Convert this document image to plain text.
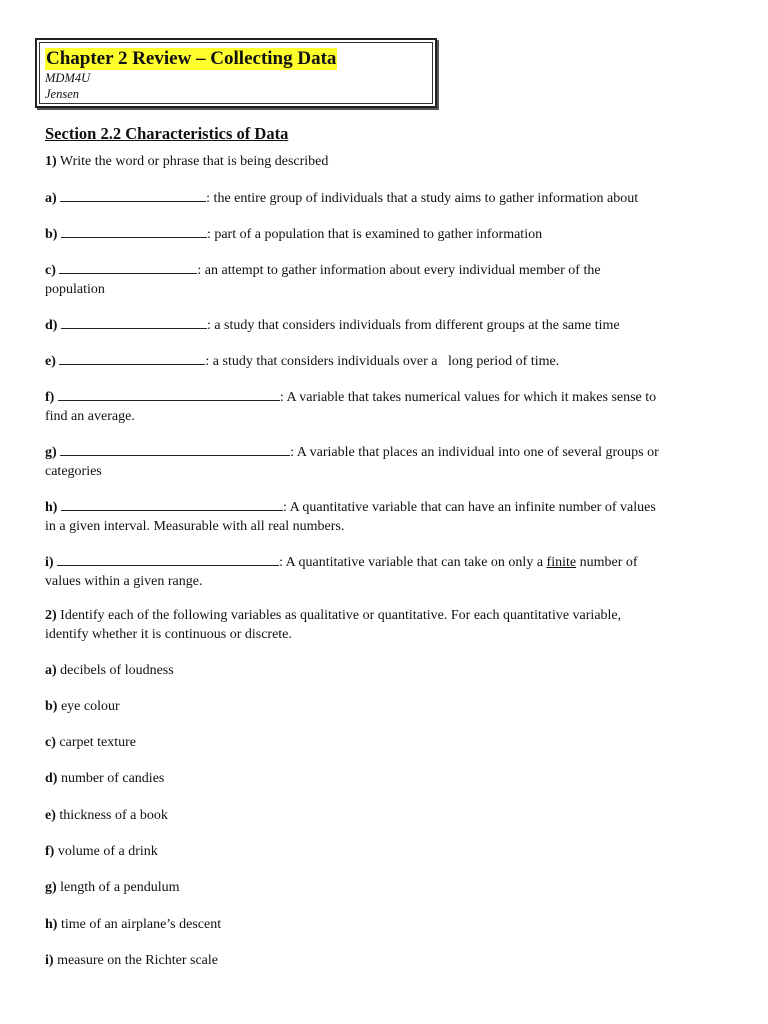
Chapter 2 Review – Collecting Data
MDM4U
Jensen
Section 2.2 Characteristics of Data
1) Write the word or phrase that is being described
a)	: the entire group of individuals that a study aims to gather information about
b)	: part of a population that is examined to gather information
c)	: an attempt to gather information about every individual member of the
population
d)	: a study that considers individuals from different groups at the same time
e)	: a study that considers individuals over a   long period of time.
f)	: A variable that takes numerical values for which it makes sense to
find an average.
g)	: A variable that places an individual into one of several groups or
categories
h)	: A quantitative variable that can have an infinite number of values
in a given interval. Measurable with all real numbers.
i)	: A quantitative variable that can take on only a finite number of
values within a given range.
2) Identify each of the following variables as qualitative or quantitative. For each quantitative variable,
identify whether it is continuous or discrete.
a) decibels of loudness
b) eye colour
c) carpet texture
d) number of candies
e) thickness of a book
f) volume of a drink
g) length of a pendulum
h) time of an airplane’s descent
i) measure on the Richter scale
